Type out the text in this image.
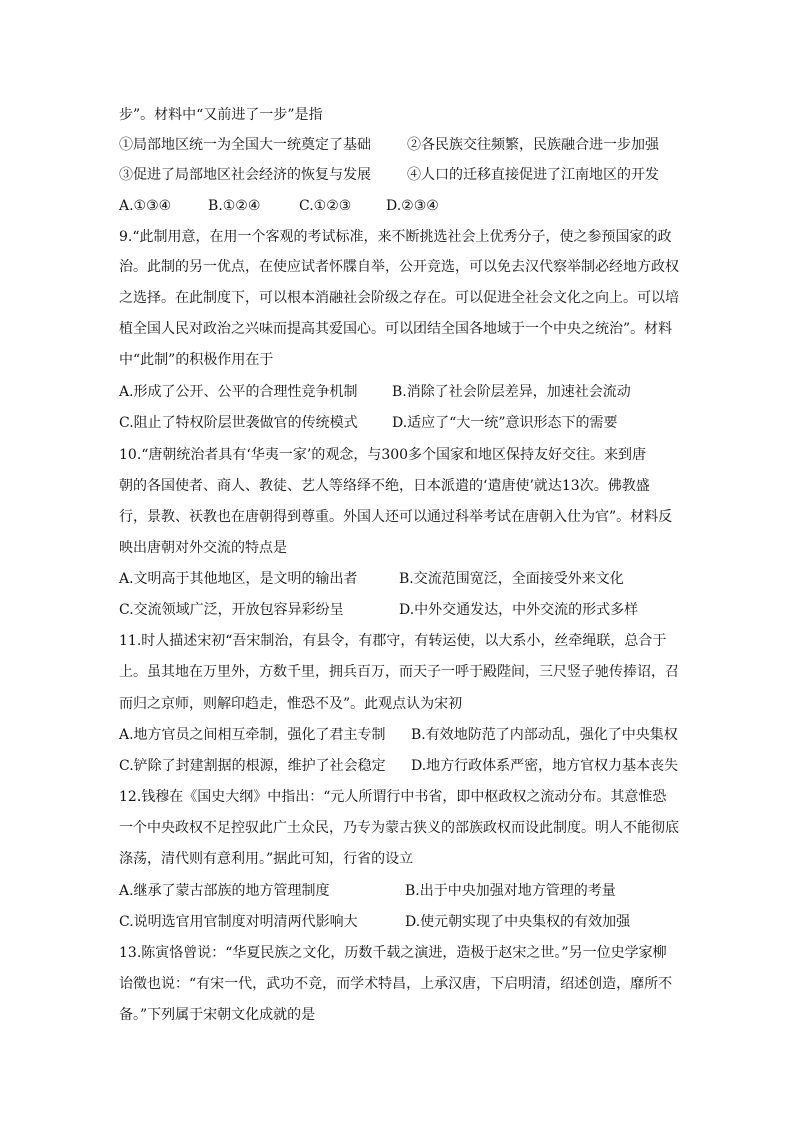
步”。材料中“又前进了一步”是指
①局部地区统一为全国大一统奠定了基础	②各民族交往频繁，民族融合进一步加强
③促进了局部地区社会经济的恢复与发展	④人口的迁移直接促进了江南地区的开发
A.①③④	B.①②④	C.①②③ D.②③④
9.“此制用意，在用一个客观的考试标准，来不断挑选社会上优秀分子，使之参预国家的政
治。此制的另一优点，在使应试者怀牒自举，公开竞选，可以免去汉代察举制必经地方政权
之选择。在此制度下，可以根本消融社会阶级之存在。可以促进全社会文化之向上。可以培
植全国人民对政治之兴味而提高其爱国心。可以团结全国各地域于一个中央之统治”。材料
中“此制”的积极作用在于
A.形成了公开、公平的合理性竞争机制 B.消除了社会阶层差异，加速社会流动
C.阻止了特权阶层世袭做官的传统模式 D.适应了“大一统”意识形态下的需要
10.“唐朝统治者具有‘华夷一家’的观念，与300多个国家和地区保持友好交往。来到唐
朝的各国使者、商人、教徒、艺人等络绎不绝，日本派遣的‘遣唐使’就达13次。佛教盛
行，景教、祆教也在唐朝得到尊重。外国人还可以通过科举考试在唐朝入仕为官”。材料反
映出唐朝对外交流的特点是
A.文明高于其他地区，是文明的输出者	B.交流范围宽泛，全面接受外来文化
C.交流领域广泛，开放包容异彩纷呈	D.中外交通发达，中外交流的形式多样
11.时人描述宋初“吾宋制治，有县令，有郡守，有转运使，以大系小，丝牵绳联，总合于
上。虽其地在万里外，方数千里，拥兵百万，而天子一呼于殿陛间，三尺竖子驰传捧诏，召
而归之京师，则解印趋走，惟恐不及”。此观点认为宋初
A.地方官员之间相互牵制，强化了君主专制 B.有效地防范了内部动乱，强化了中央集权
C.铲除了封建割据的根源，维护了社会稳定 D.地方行政体系严密，地方官权力基本丧失
12.钱穆在《国史大纲》中指出：“元人所谓行中书省，即中枢政权之流动分布。其意惟恐
一个中央政权不足控驭此广土众民，乃专为蒙古狭义的部族政权而设此制度。明人不能彻底
涤荡，清代则有意利用。”据此可知，行省的设立
A.继承了蒙古部族的地方管理制度	B.出于中央加强对地方管理的考量
C.说明选官用官制度对明清两代影响大	D.使元朝实现了中央集权的有效加强
13.陈寅恪曾说：“华夏民族之文化，历数千载之演进，造极于赵宋之世。”另一位史学家柳
诒徵也说：“有宋一代，武功不竞，而学术特昌，上承汉唐，下启明清，绍述创造，靡所不
备。”下列属于宋朝文化成就的是
